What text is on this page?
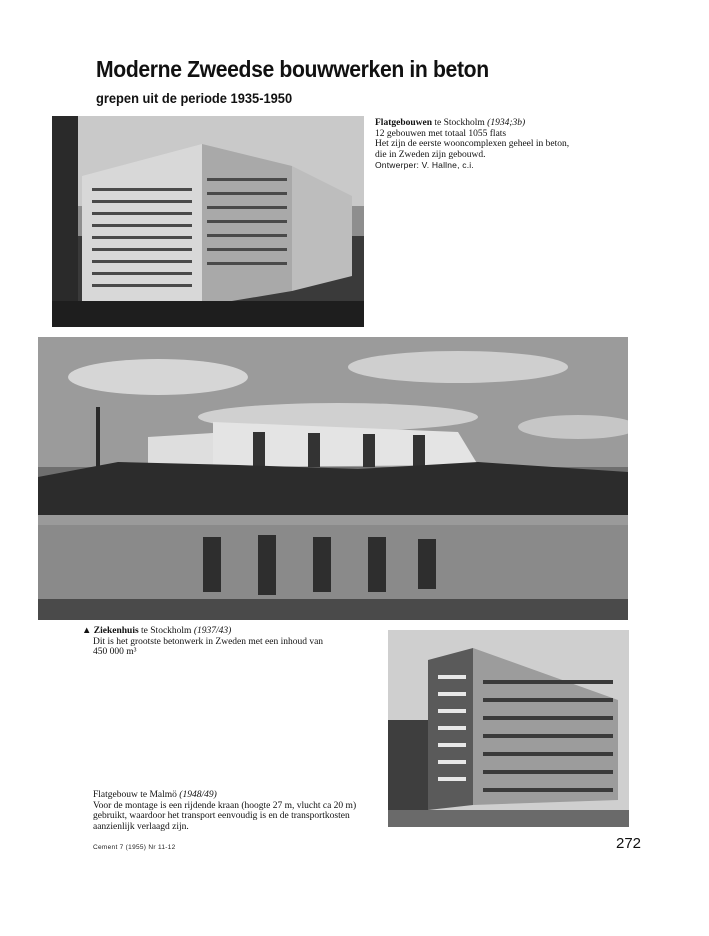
Moderne Zweedse bouwwerken in beton
grepen uit de periode 1935-1950
Flatgebouwen te Stockholm (1934;3b)
12 gebouwen met totaal 1055 flats
Het zijn de eerste wooncomplexen geheel in beton,
die in Zweden zijn gebouwd.
Ontwerper: V. Hallne, c.i.
▲ Ziekenhuis te Stockholm (1937/43)
Dit is het grootste betonwerk in Zweden met een inhoud van
450 000 m³
Flatgebouw te Malmö (1948/49)
Voor de montage is een rijdende kraan (hoogte 27 m, vlucht ca 20 m)
gebruikt, waardoor het transport eenvoudig is en de transportkosten
aanzienlijk verlaagd zijn.
Cement 7 (1955) Nr 11-12	272
